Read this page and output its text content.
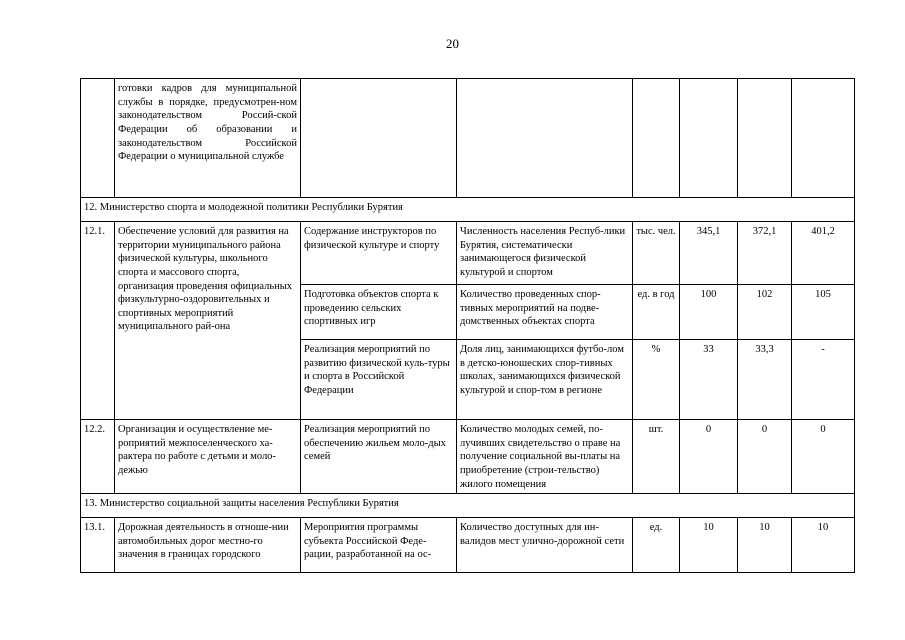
20
	готовки кадров для муниципальной службы в порядке, предусмотрен-ном законодательством Россий-ской Федерации об образовании и законодательством Российской Федерации о муниципальной службе						
12. Министерство спорта и молодежной политики Республики Бурятия							
12.1.	Обеспечение условий для развития на территории муниципального района физической культуры, школьного спорта и массового спорта, организация проведения официальных физкультурно-оздоровительных и спортивных мероприятий муниципального рай-она	Содержание инструкторов по физической культуре и спорту	Численность населения Респуб-лики Бурятия, систематически занимающегося физической культурой и спортом	тыс. чел.	345,1	372,1	401,2
		Подготовка объектов спорта к проведению сельских спортивных игр	Количество проведенных спор-тивных мероприятий на подве-домственных объектах спорта	ед. в год	100	102	105
		Реализация мероприятий по развитию физической куль-туры и спорта в Российской Федерации	Доля лиц, занимающихся футбо-лом в детско-юношеских спор-тивных школах, занимающихся физической культурой и спор-том в регионе	%	33	33,3	-
12.2.	Организация и осуществление ме-роприятий межпоселенческого ха-рактера по работе с детьми и моло-дежью	Реализация мероприятий по обеспечению жильем моло-дых семей	Количество молодых семей, по-лучивших свидетельство о праве на получение социальной вы-платы на приобретение (строи-тельство) жилого помещения	шт.	0	0	0
13. Министерство социальной защиты населения Республики Бурятия							
13.1.	Дорожная деятельность в отноше-нии автомобильных дорог местно-го значения в границах городского	Мероприятия программы субъекта Российской Феде-рации, разработанной на ос-	Количество доступных для ин-валидов мест улично-дорожной сети	ед.	10	10	10
